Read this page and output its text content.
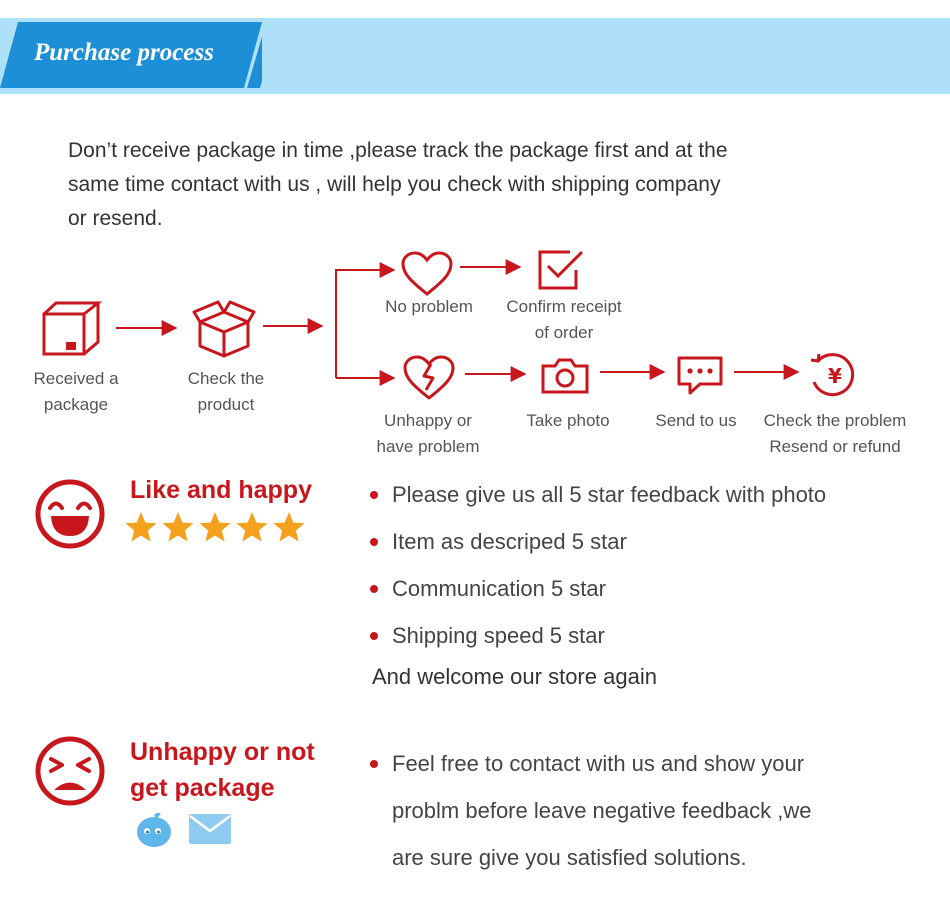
Purchase process
Don’t receive package in time ,please track the package first and at the
same time contact with us , will help you check with shipping company
or resend.
¥
Received a
package
Check the
product
No problem	Confirm receipt
of order
Unhappy or
have problem
Take photo	Send to us	Check the problem
Resend or refund
Like and happy	Please give us all 5 star feedback with photo
Item as descriped 5 star
Communication 5 star
Shipping speed 5 star
And welcome our store again
Unhappy or not
get package
Feel free to contact with us and show your
problm before leave negative feedback ,we
are sure give you satisfied solutions.
